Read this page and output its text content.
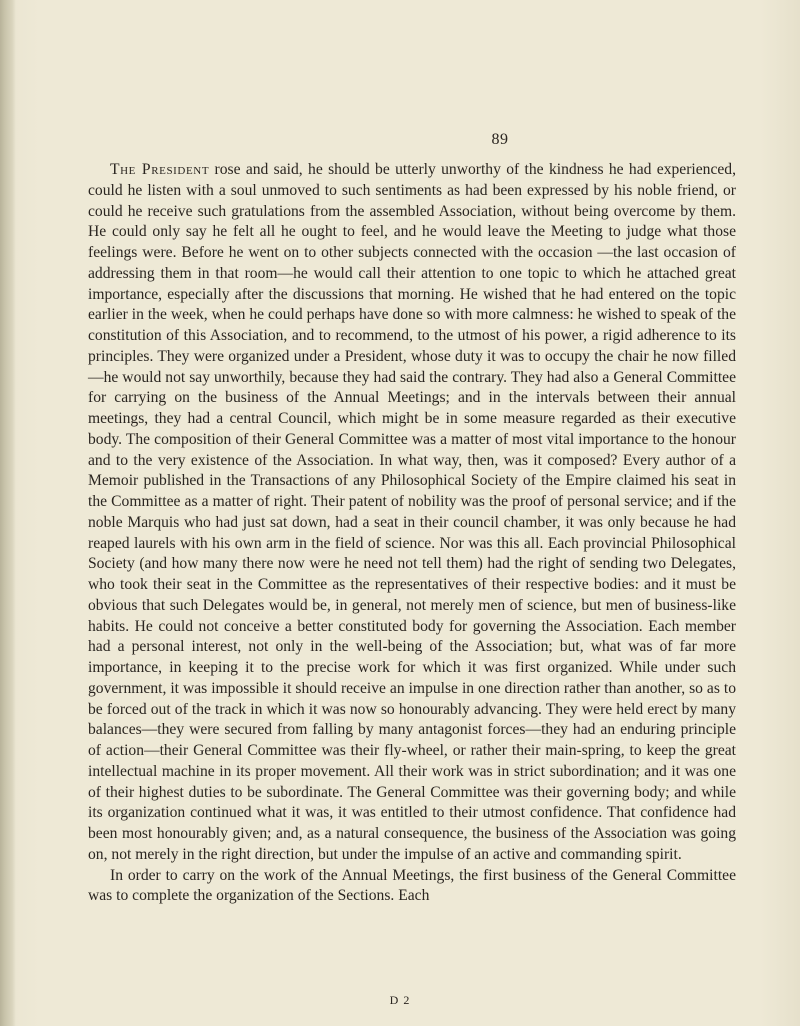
89

The President rose and said, he should be utterly unworthy of the kindness he had experienced, could he listen with a soul unmoved to such sentiments as had been expressed by his noble friend, or could he receive such gratulations from the assembled Association, without being overcome by them. He could only say he felt all he ought to feel, and he would leave the Meeting to judge what those feelings were. Before he went on to other subjects connected with the occasion —the last occasion of addressing them in that room—he would call their attention to one topic to which he attached great importance, especially after the discussions that morning. He wished that he had entered on the topic earlier in the week, when he could perhaps have done so with more calmness: he wished to speak of the constitution of this Association, and to recommend, to the utmost of his power, a rigid adherence to its principles. They were organized under a President, whose duty it was to occupy the chair he now filled—he would not say unworthily, because they had said the contrary. They had also a General Committee for carrying on the business of the Annual Meetings; and in the intervals between their annual meetings, they had a central Council, which might be in some measure regarded as their executive body. The composition of their General Committee was a matter of most vital importance to the honour and to the very existence of the Association. In what way, then, was it composed? Every author of a Memoir published in the Transactions of any Philosophical Society of the Empire claimed his seat in the Committee as a matter of right. Their patent of nobility was the proof of personal service; and if the noble Marquis who had just sat down, had a seat in their council chamber, it was only because he had reaped laurels with his own arm in the field of science. Nor was this all. Each provincial Philosophical Society (and how many there now were he need not tell them) had the right of sending two Delegates, who took their seat in the Committee as the representatives of their respective bodies: and it must be obvious that such Delegates would be, in general, not merely men of science, but men of business-like habits. He could not conceive a better constituted body for governing the Association. Each member had a personal interest, not only in the well-being of the Association; but, what was of far more importance, in keeping it to the precise work for which it was first organized. While under such government, it was impossible it should receive an impulse in one direction rather than another, so as to be forced out of the track in which it was now so honourably advancing. They were held erect by many balances—they were secured from falling by many antagonist forces—they had an enduring principle of action—their General Committee was their fly-wheel, or rather their main-spring, to keep the great intellectual machine in its proper movement. All their work was in strict subordination; and it was one of their highest duties to be subordinate. The General Committee was their governing body; and while its organization continued what it was, it was entitled to their utmost confidence. That confidence had been most honourably given; and, as a natural consequence, the business of the Association was going on, not merely in the right direction, but under the impulse of an active and commanding spirit.

In order to carry on the work of the Annual Meetings, the first business of the General Committee was to complete the organization of the Sections. Each

D 2
